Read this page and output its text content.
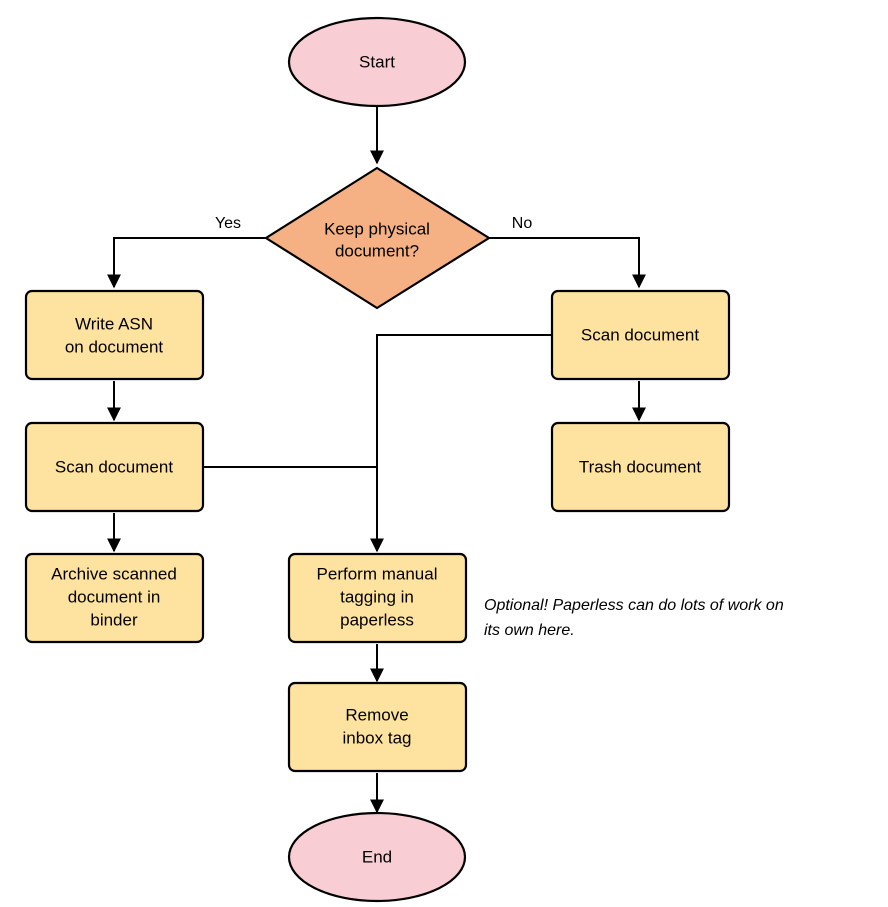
Yes	No
Start
Keep physical
document?
Write ASN
on document
Scan document
Archive scanned
document in
binder
Scan document
Trash document
Perform manual
tagging in
paperless
Remove
inbox tag
End
Optional! Paperless can do lots of work on
its own here.
